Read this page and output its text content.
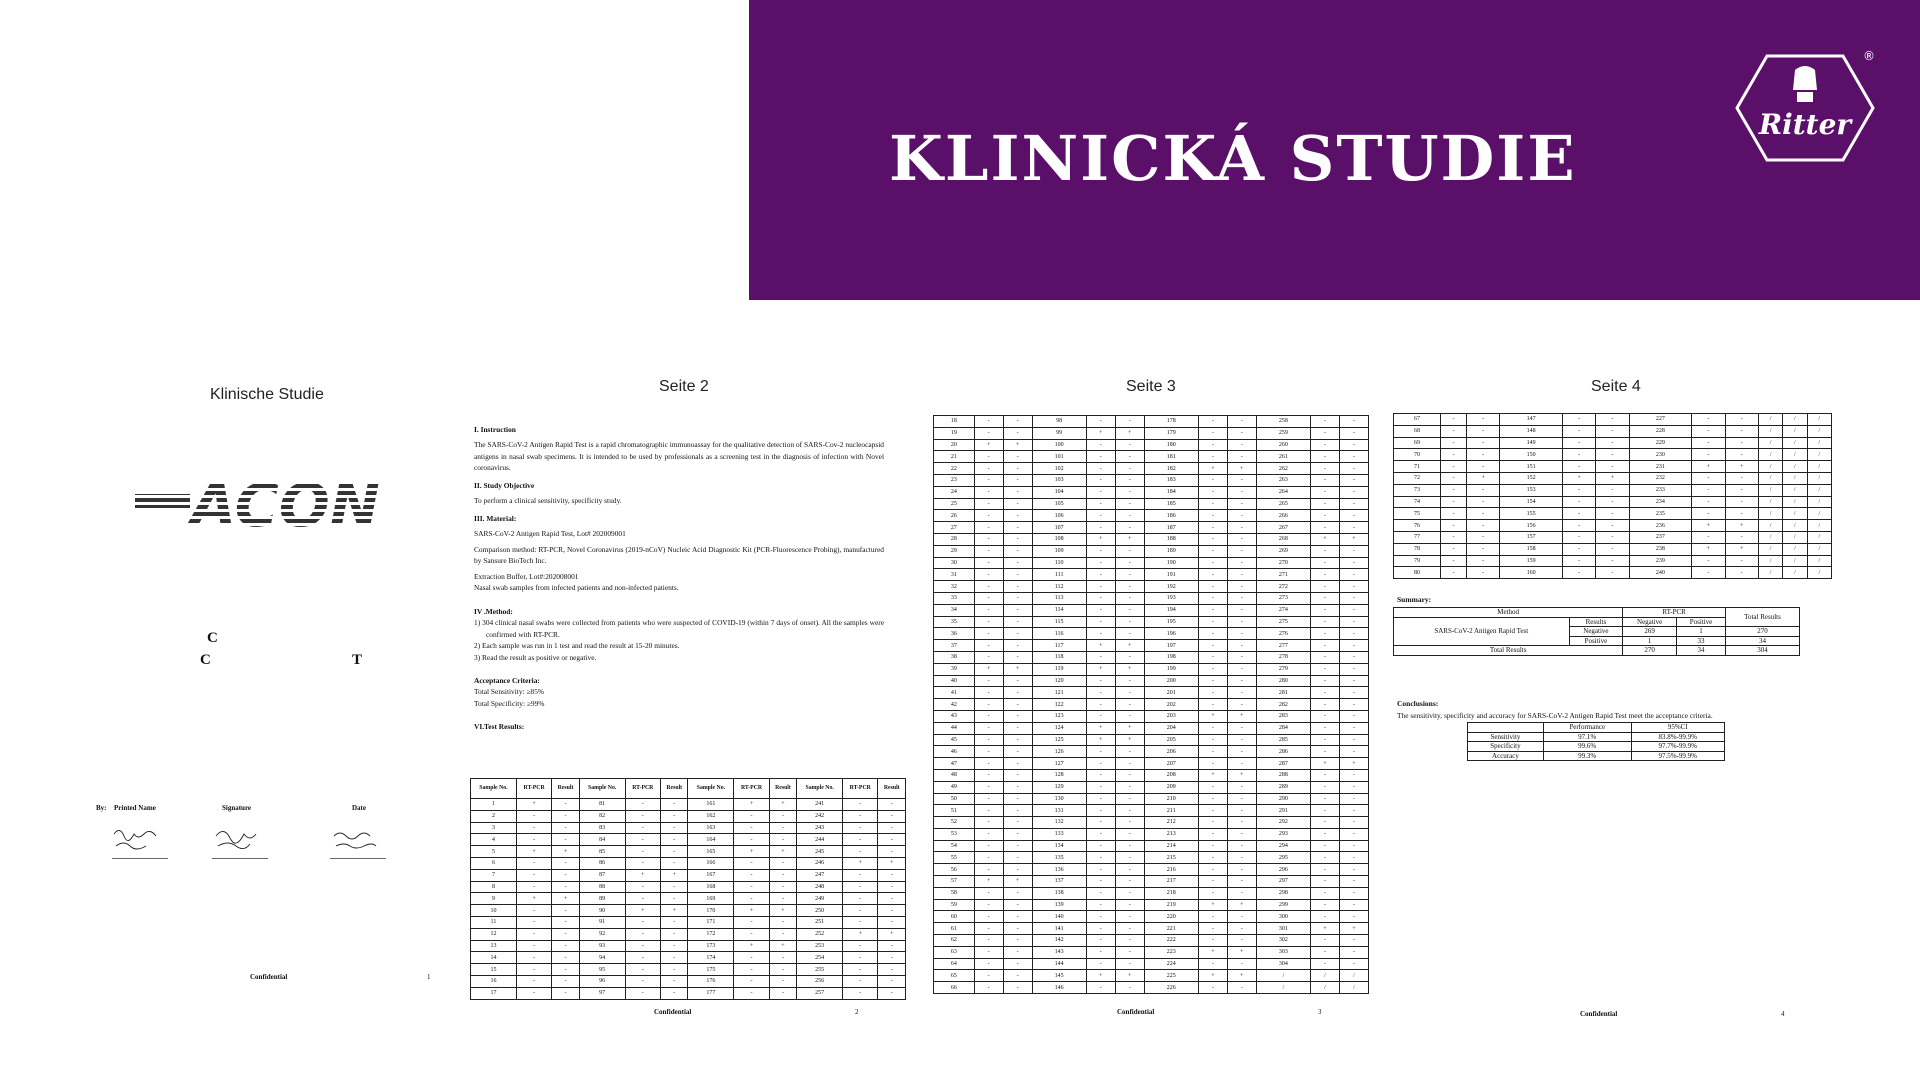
KLINICKÁ STUDIE	Ritter
®
Klinische Studie	Seite 2	Seite 3	Seite 4
ACON
C
C	T
By: Printed Name	Signature	Date
Confidential	1
I. Instruction

The SARS-CoV-2 Antigen Rapid Test is a rapid chromatographic immunoassay for the qualitative detection of SARS-Cov-2 nucleocapsid antigens in nasal swab specimens. It is intended to be used by professionals as a screening test in the diagnosis of infection with Novel coronavirus.

II. Study Objective

To perform a clinical sensitivity, specificity study.

III. Material:

SARS-CoV-2 Antigen Rapid Test, Lot# 202009001

Comparison method: RT-PCR, Novel Coronavirus (2019-nCoV) Nucleic Acid Diagnostic Kit (PCR-Fluorescence Probing), manufactured by Sansure BioTech Inc.

Extraction Buffer, Lot#:202008001

Nasal swab samples from infected patients and non-infected patients.

IV .Method:

1) 304 clinical nasal swabs were collected from patients who were suspected of COVID-19 (within 7 days of onset). All the samples were confirmed with RT-PCR.

2) Each sample was run in 1 test and read the result at 15-20 minutes.

3) Read the result as positive or negative.

Acceptance Criteria:

Total Sensitivity: ≥85%

Total Specificity: ≥99%

VI.Test Results:
Sample No.	RT-PCR	Result	Sample No.	RT-PCR	Result	Sample No.	RT-PCR	Result	Sample No.	RT-PCR	Result
1	+	-	81	-	-	161	+	+	241	-	-
2	-	-	82	-	-	162	-	-	242	-	-
3	-	-	83	-	-	163	-	-	243	-	-
4	-	-	84	-	-	164	-	-	244	-	-
5	+	+	85	-	-	165	+	+	245	-	-
6	-	-	86	-	-	166	-	-	246	+	+
7	-	-	87	+	+	167	-	-	247	-	-
8	-	-	88	-	-	168	-	-	248	-	-
9	+	+	89	-	-	169	-	-	249	-	-
10	-	-	90	+	+	170	+	+	250	-	-
11	-	-	91	-	-	171	-	-	251	-	-
12	-	-	92	-	-	172	-	-	252	+	+
13	-	-	93	-	-	173	+	+	253	-	-
14	-	-	94	-	-	174	-	-	254	-	-
15	-	-	95	-	-	175	-	-	255	-	-
16	-	-	96	-	-	176	-	-	256	-	-
17	-	-	97	-	-	177	-	-	257	-	-
Confidential	2
18	-	-	98	-	-	178	-	-	258	-	-
19	-	-	99	+	+	179	-	-	259	-	-
20	+	+	100	-	-	180	-	-	260	-	-
21	-	-	101	-	-	181	-	-	261	-	-
22	-	-	102	-	-	182	+	+	262	-	-
23	-	-	103	-	-	183	-	-	263	-	-
24	-	-	104	-	-	184	-	-	264	-	-
25	-	-	105	-	-	185	-	-	265	-	-
26	-	-	106	-	-	186	-	-	266	-	-
27	-	-	107	-	-	187	-	-	267	-	-
28	-	-	108	+	+	188	-	-	268	+	+
29	-	-	109	-	-	189	-	-	269	-	-
30	-	-	110	-	-	190	-	-	270	-	-
31	-	-	111	-	-	191	-	-	271	-	-
32	-	-	112	-	-	192	-	-	272	-	-
33	-	-	113	-	-	193	-	-	273	-	-
34	-	-	114	-	-	194	-	-	274	-	-
35	-	-	115	-	-	195	-	-	275	-	-
36	-	-	116	-	-	196	-	-	276	-	-
37	-	-	117	+	+	197	-	-	277	-	-
38	-	-	118	-	-	198	-	-	278	-	-
39	+	+	119	+	+	199	-	-	279	-	-
40	-	-	120	-	-	200	-	-	280	-	-
41	-	-	121	-	-	201	-	-	281	-	-
42	-	-	122	-	-	202	-	-	282	-	-
43	-	-	123	-	-	203	+	+	283	-	-
44	-	-	124	+	+	204	-	-	284	-	-
45	-	-	125	+	+	205	-	-	285	-	-
46	-	-	126	-	-	206	-	-	286	-	-
47	-	-	127	-	-	207	-	-	287	+	+
48	-	-	128	-	-	208	+	+	288	-	-
49	-	-	129	-	-	209	-	-	289	-	-
50	-	-	130	-	-	210	-	-	290	-	-
51	-	-	131	-	-	211	-	-	291	-	-
52	-	-	132	-	-	212	-	-	292	-	-
53	-	-	133	-	-	213	-	-	293	-	-
54	-	-	134	-	-	214	-	-	294	-	-
55	-	-	135	-	-	215	-	-	295	-	-
56	-	-	136	-	-	216	-	-	296	-	-
57	+	+	137	-	-	217	-	-	297	-	-
58	-	-	138	-	-	218	-	-	298	-	-
59	-	-	139	-	-	219	+	+	299	-	-
60	-	-	140	-	-	220	-	-	300	-	-
61	-	-	141	-	-	221	-	-	301	+	+
62	-	-	142	-	-	222	-	-	302	-	-
63	-	-	143	-	-	223	+	+	303	-	-
64	-	-	144	-	-	224	-	-	304	-	-
65	-	-	145	+	+	225	+	+	/	/	/
66	-	-	146	-	-	226	-	-	/	/	/
Confidential	3
67	-	-	147	-	-	227	-	-	/	/	/
68	-	-	148	-	-	228	-	-	/	/	/
69	-	-	149	-	-	229	-	-	/	/	/
70	-	-	150	-	-	230	-	-	/	/	/
71	-	-	151	-	-	231	+	+	/	/	/
72	-	+	152	+	+	232	-	-	/	/	/
73	-	-	153	-	-	233	-	-	/	/	/
74	-	-	154	-	-	234	-	-	/	/	/
75	-	-	155	-	-	235	-	-	/	/	/
76	-	-	156	-	-	236	+	+	/	/	/
77	-	-	157	-	-	237	-	-	/	/	/
78	-	-	158	-	-	238	+	+	/	/	/
79	-	-	159	-	-	239	-	-	/	/	/
80	-	-	160	-	-	240	-	-	/	/	/
Summary:
Method		RT-PCR		Total Results

SARS-CoV-2 Antigen Rapid Test	Results	Negative	Positive	
	Negative	269	1	270
	Positive	1	33	34
Total Results		270	34	304
Conclusions:
The sensitivity, specificity and accuracy for SARS-CoV-2 Antigen Rapid Test meet the acceptance criteria.
	Performance	95%CI
Sensitivity	97.1%	83.8%-99.9%
Specificity	99.6%	97.7%-99.9%
Accuracy	99.3%	97.5%-99.9%
Confidential	4
